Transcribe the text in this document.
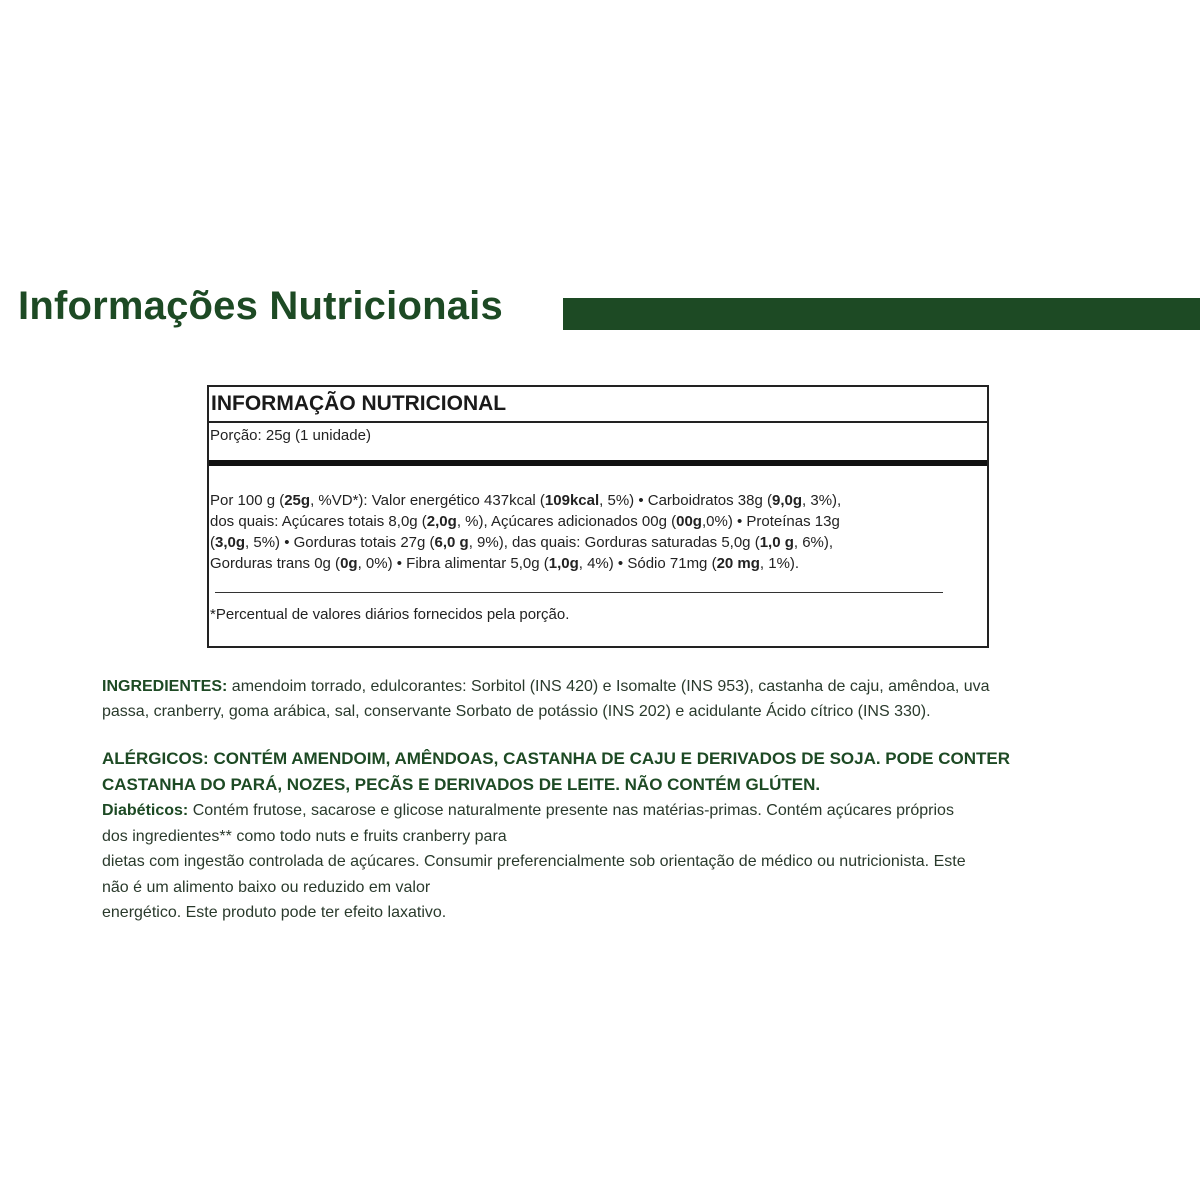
Informações Nutricionais
INFORMAÇÃO NUTRICIONAL
Porção: 25g (1 unidade)
Por 100 g (25g, %VD*): Valor energético 437kcal (109kcal, 5%) • Carboidratos 38g (9,0g, 3%),
dos quais: Açúcares totais 8,0g (2,0g, %), Açúcares adicionados 00g (00g,0%) • Proteínas 13g
(3,0g, 5%) • Gorduras totais 27g (6,0 g, 9%), das quais: Gorduras saturadas 5,0g (1,0 g, 6%),
Gorduras trans 0g (0g, 0%) • Fibra alimentar 5,0g (1,0g, 4%) • Sódio 71mg (20 mg, 1%).
*Percentual de valores diários fornecidos pela porção.
INGREDIENTES: amendoim torrado, edulcorantes: Sorbitol (INS 420) e Isomalte (INS 953), castanha de caju, amêndoa, uva
passa, cranberry, goma arábica, sal, conservante Sorbato de potássio (INS 202) e acidulante Ácido cítrico (INS 330).
ALÉRGICOS: CONTÉM AMENDOIM, AMÊNDOAS, CASTANHA DE CAJU E DERIVADOS DE SOJA. PODE CONTER
CASTANHA DO PARÁ, NOZES, PECÃS E DERIVADOS DE LEITE. NÃO CONTÉM GLÚTEN.
Diabéticos: Contém frutose, sacarose e glicose naturalmente presente nas matérias-primas. Contém açúcares próprios
dos ingredientes** como todo nuts e fruits cranberry para
dietas com ingestão controlada de açúcares. Consumir preferencialmente sob orientação de médico ou nutricionista. Este
não é um alimento baixo ou reduzido em valor
energético. Este produto pode ter efeito laxativo.
